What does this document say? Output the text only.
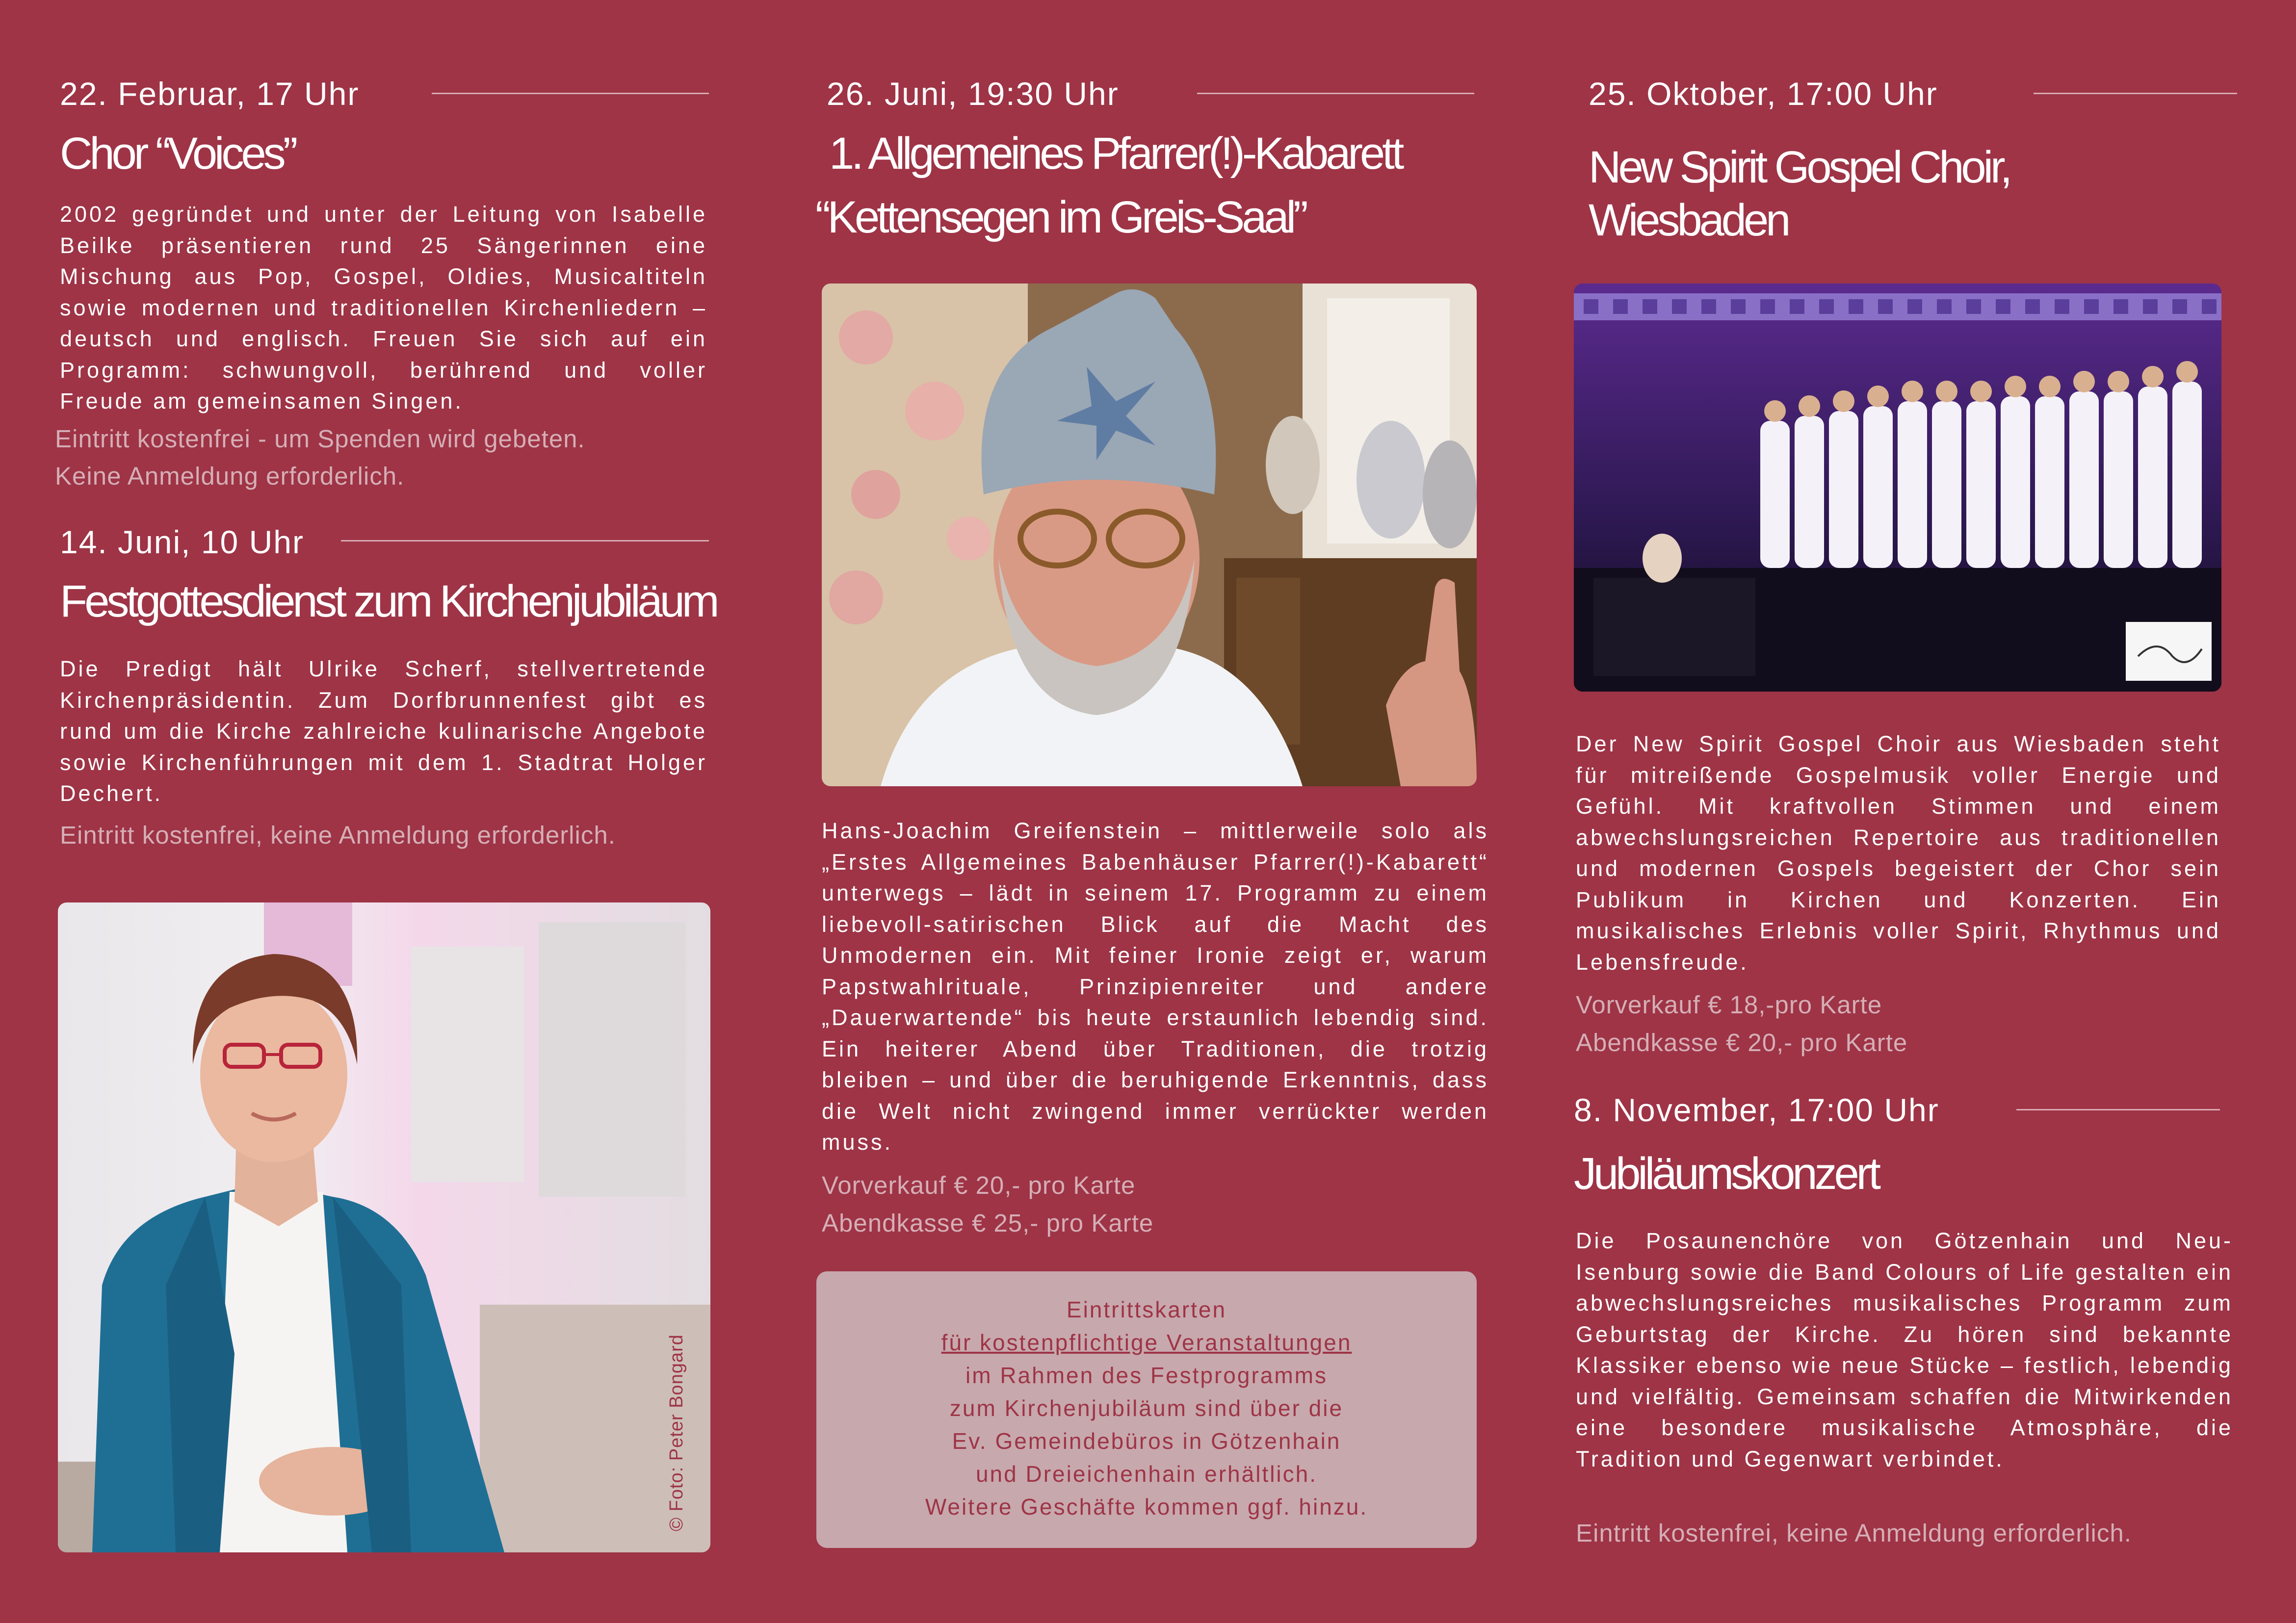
22. Februar, 17 Uhr
Chor “Voices”
2002 gegründet und unter der Leitung von Isabelle Beilke präsentieren rund 25 Sängerinnen eine Mischung aus Pop, Gospel, Oldies, Musicaltiteln sowie modernen und traditionellen Kirchenliedern – deutsch und englisch. Freuen Sie sich auf ein Programm: schwungvoll, berührend und voller Freude am gemeinsamen Singen.
Eintritt kostenfrei - um Spenden wird gebeten.
Keine Anmeldung erforderlich.
14. Juni, 10 Uhr
Festgottesdienst zum Kirchenjubiläum
Die Predigt hält Ulrike Scherf, stellvertretende Kirchenpräsidentin. Zum Dorfbrunnenfest gibt es rund um die Kirche zahlreiche kulinarische Angebote sowie Kirchenführungen mit dem 1. Stadtrat Holger Dechert.
Eintritt kostenfrei, keine Anmeldung erforderlich.
© Foto: Peter Bongard
26. Juni, 19:30 Uhr
1. Allgemeines Pfarrer(!)-Kabarett
“Kettensegen im Greis-Saal”
Hans-Joachim Greifenstein – mittlerweile solo als „Erstes Allgemeines Babenhäuser Pfarrer(!)-Kabarett“ unterwegs – lädt in seinem 17. Programm zu einem liebevoll-satirischen Blick auf die Macht des Unmodernen ein. Mit feiner Ironie zeigt er, warum Papstwahlrituale, Prinzipienreiter und andere „Dauerwartende“ bis heute erstaunlich lebendig sind. Ein heiterer Abend über Traditionen, die trotzig bleiben – und über die beruhigende Erkenntnis, dass die Welt nicht zwingend immer verrückter werden muss.
Vorverkauf € 20,- pro Karte
Abendkasse € 25,- pro Karte
Eintrittskarten
für kostenpflichtige Veranstaltungen
im Rahmen des Festprogramms
zum Kirchenjubiläum sind über die
Ev. Gemeindebüros in Götzenhain
und Dreieichenhain erhältlich.
Weitere Geschäfte kommen ggf. hinzu.
25. Oktober, 17:00 Uhr
New Spirit Gospel Choir,
Wiesbaden
Der New Spirit Gospel Choir aus Wiesbaden steht für mitreißende Gospelmusik voller Energie und Gefühl. Mit kraftvollen Stimmen und einem abwechslungsreichen Repertoire aus traditionellen und modernen Gospels begeistert der Chor sein Publikum in Kirchen und Konzerten. Ein musikalisches Erlebnis voller Spirit, Rhythmus und Lebensfreude.
Vorverkauf € 18,-pro Karte
Abendkasse € 20,- pro Karte
8. November, 17:00 Uhr
Jubiläumskonzert
Die Posaunenchöre von Götzenhain und Neu-Isenburg sowie die Band Colours of Life gestalten ein abwechslungsreiches musikalisches Programm zum Geburtstag der Kirche. Zu hören sind bekannte Klassiker ebenso wie neue Stücke – festlich, lebendig und vielfältig. Gemeinsam schaffen die Mitwirkenden eine besondere musikalische Atmosphäre, die Tradition und Gegenwart verbindet.
Eintritt kostenfrei, keine Anmeldung erforderlich.
